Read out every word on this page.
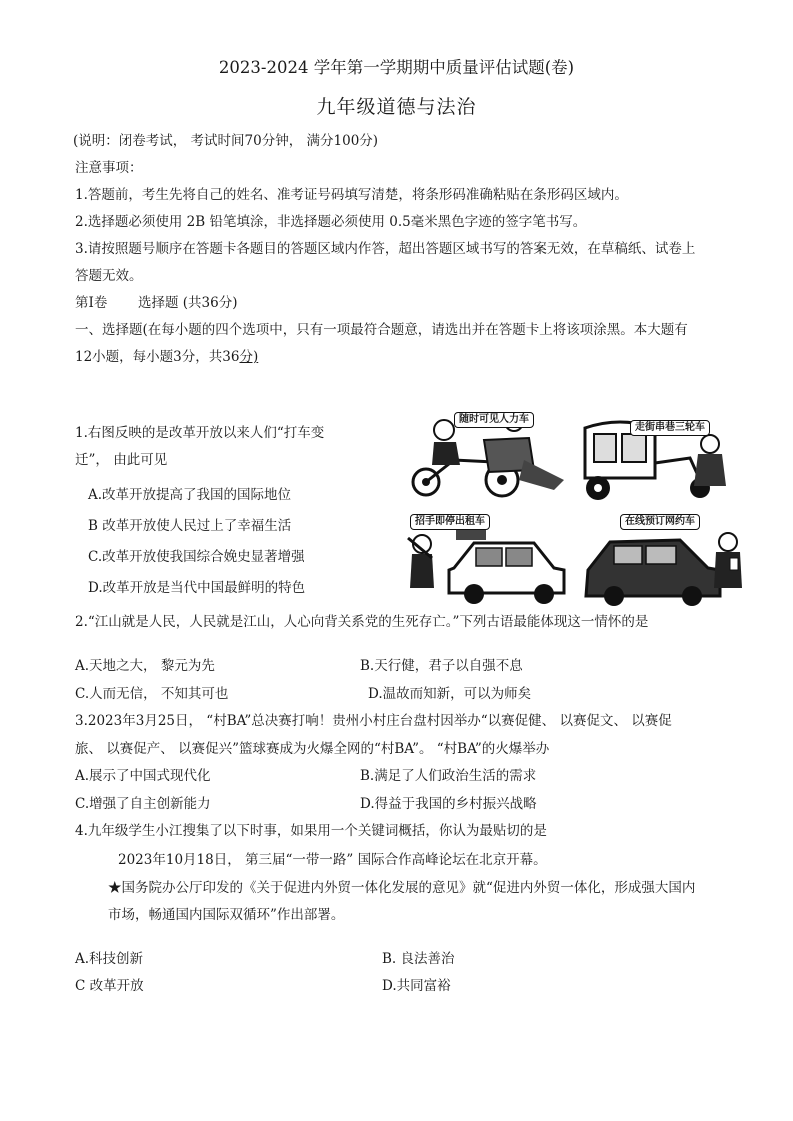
2023-2024 学年第一学期期中质量评估试题(卷)
九年级道德与法治
(说明：闭卷考试， 考试时间70分钟， 满分100分)
注意事项：
1.答题前，考生先将自己的姓名、准考证号码填写清楚，将条形码准确粘贴在条形码区域内。
2.选择题必须使用 2B 铅笔填涂，非选择题必须使用 0.5毫米黑色字迹的签字笔书写。
3.请按照题号顺序在答题卡各题目的答题区域内作答，超出答题区域书写的答案无效，在草稿纸、试卷上
答题无效。
第Ⅰ卷 选择题 (共36分)
一、选择题(在每小题的四个选项中，只有一项最符合题意，请选出并在答题卡上将该项涂黑。本大题有
12小题，每小题3分，共36分)
1.右图反映的是改革开放以来人们“打车变
迁”， 由此可见
A.改革开放提高了我国的国际地位
B 改革开放使人民过上了幸福生活
C.改革开放使我国综合娩史显著增强
D.改革开放是当代中国最鲜明的特色
随时可见人力车
走街串巷三轮车
招手即停出租车	在线预订网约车
2.“江山就是人民，人民就是江山，人心向背关系党的生死存亡。”下列古语最能体现这一情怀的是
A.天地之大， 黎元为先	B.天行健，君子以自强不息
C.人而无信， 不知其可也	D.温故而知新，可以为师矣
3.2023年3月25日， “村BA”总决赛打响！贵州小村庄台盘村因举办“以赛促健、 以赛促文、 以赛促
旅、 以赛促产、 以赛促兴”篮球赛成为火爆全网的“村BA”。 “村BA”的火爆举办
A.展示了中国式现代化	B.满足了人们政治生活的需求
C.增强了自主创新能力	D.得益于我国的乡村振兴战略
4.九年级学生小江搜集了以下时事，如果用一个关键词概括，你认为最贴切的是
2023年10月18日， 第三届“一带一路” 国际合作高峰论坛在北京开幕。
★国务院办公厅印发的《关于促进内外贸一体化发展的意见》就“促进内外贸一体化，形成强大国内
市场，畅通国内国际双循环”作出部署。
A.科技创新	B. 良法善治
C 改革开放	D.共同富裕
